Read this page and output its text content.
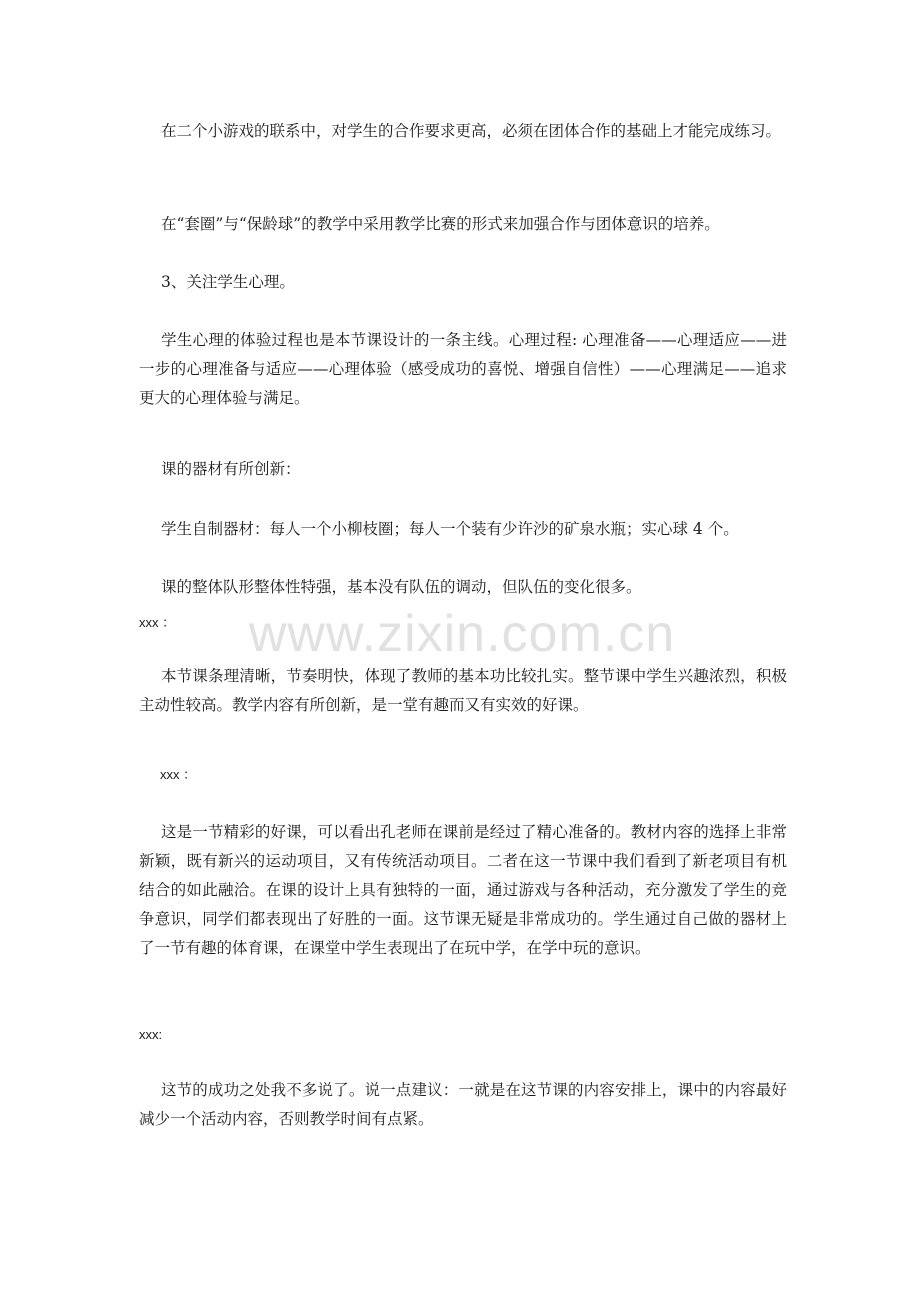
www.zixin.com.cn

在二个小游戏的联系中，对学生的合作要求更高，必须在团体合作的基础上才能完成练习。

在“套圈”与“保龄球”的教学中采用教学比赛的形式来加强合作与团体意识的培养。

3、关注学生心理。

学生心理的体验过程也是本节课设计的一条主线。心理过程: 心理准备——心理适应——进一步的心理准备与适应——心理体验（感受成功的喜悦、增强自信性）——心理满足——追求更大的心理体验与满足。

课的器材有所创新：

学生自制器材：每人一个小柳枝圈；每人一个装有少许沙的矿泉水瓶；实心球 4 个。

课的整体队形整体性特强，基本没有队伍的调动，但队伍的变化很多。

xxx ：

本节课条理清晰，节奏明快，体现了教师的基本功比较扎实。整节课中学生兴趣浓烈，积极主动性较高。教学内容有所创新，是一堂有趣而又有实效的好课。

xxx ：

这是一节精彩的好课，可以看出孔老师在课前是经过了精心准备的。教材内容的选择上非常新颖，既有新兴的运动项目，又有传统活动项目。二者在这一节课中我们看到了新老项目有机结合的如此融洽。在课的设计上具有独特的一面，通过游戏与各种活动，充分激发了学生的竞争意识，同学们都表现出了好胜的一面。这节课无疑是非常成功的。学生通过自己做的器材上了一节有趣的体育课，在课堂中学生表现出了在玩中学，在学中玩的意识。

xxx:

这节的成功之处我不多说了。说一点建议：一就是在这节课的内容安排上，课中的内容最好减少一个活动内容，否则教学时间有点紧。
